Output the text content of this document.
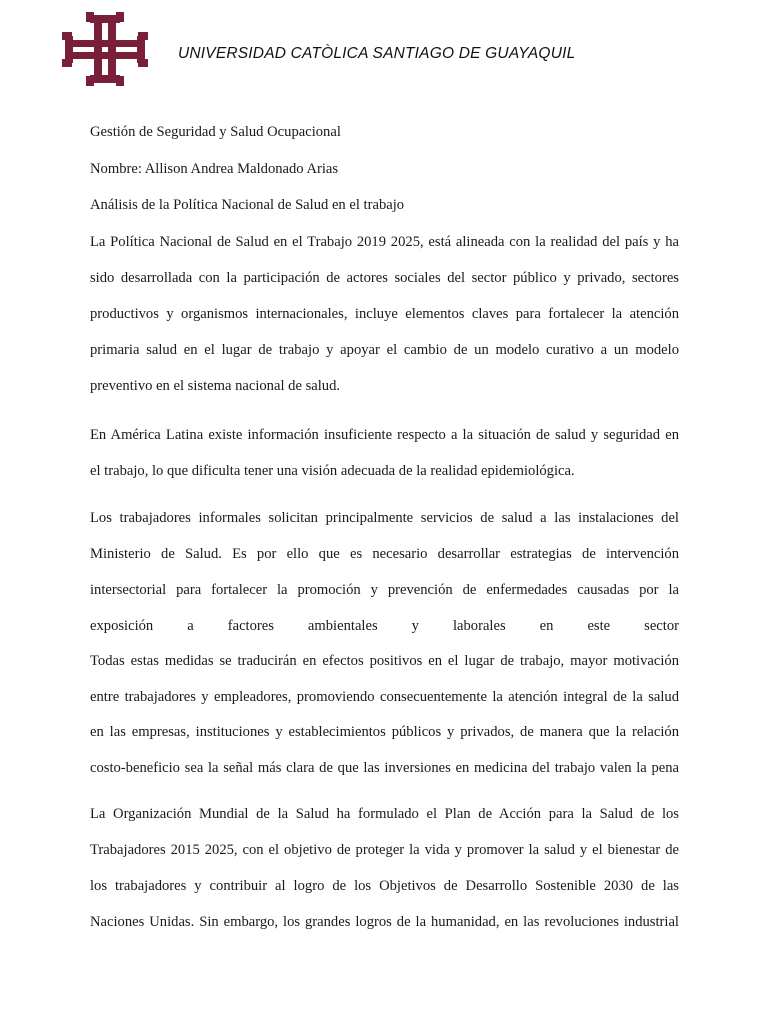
UNIVERSIDAD CATÒLICA SANTIAGO DE GUAYAQUIL
Gestión de Seguridad y Salud Ocupacional
Nombre: Allison Andrea Maldonado Arias
Análisis de la Política Nacional de Salud en el trabajo
La Política Nacional de Salud en el Trabajo 2019 2025, está alineada con la realidad del país y ha
sido desarrollada con la participación de actores sociales del sector público y privado, sectores
productivos y organismos internacionales, incluye elementos claves para fortalecer la atención
primaria salud en el lugar de trabajo y apoyar el cambio de un modelo curativo a un modelo
preventivo en el sistema nacional de salud.
En América Latina existe información insuficiente respecto a la situación de salud y seguridad en
el trabajo, lo que dificulta tener una visión adecuada de la realidad epidemiológica.
Los trabajadores informales solicitan principalmente servicios de salud a las instalaciones del
Ministerio de Salud. Es por ello que es necesario desarrollar estrategias de intervención
intersectorial para fortalecer la promoción y prevención de enfermedades causadas por la
exposición a factores ambientales y laborales en este sector
Todas estas medidas se traducirán en efectos positivos en el lugar de trabajo, mayor motivación
entre trabajadores y empleadores, promoviendo consecuentemente la atención integral de la salud
en las empresas, instituciones y establecimientos públicos y privados, de manera que la relación
costo-beneficio sea la señal más clara de que las inversiones en medicina del trabajo valen la pena
La Organización Mundial de la Salud ha formulado el Plan de Acción para la Salud de los
Trabajadores 2015 2025, con el objetivo de proteger la vida y promover la salud y el bienestar de
los trabajadores y contribuir al logro de los Objetivos de Desarrollo Sostenible 2030 de las
Naciones Unidas. Sin embargo, los grandes logros de la humanidad, en las revoluciones industrial
